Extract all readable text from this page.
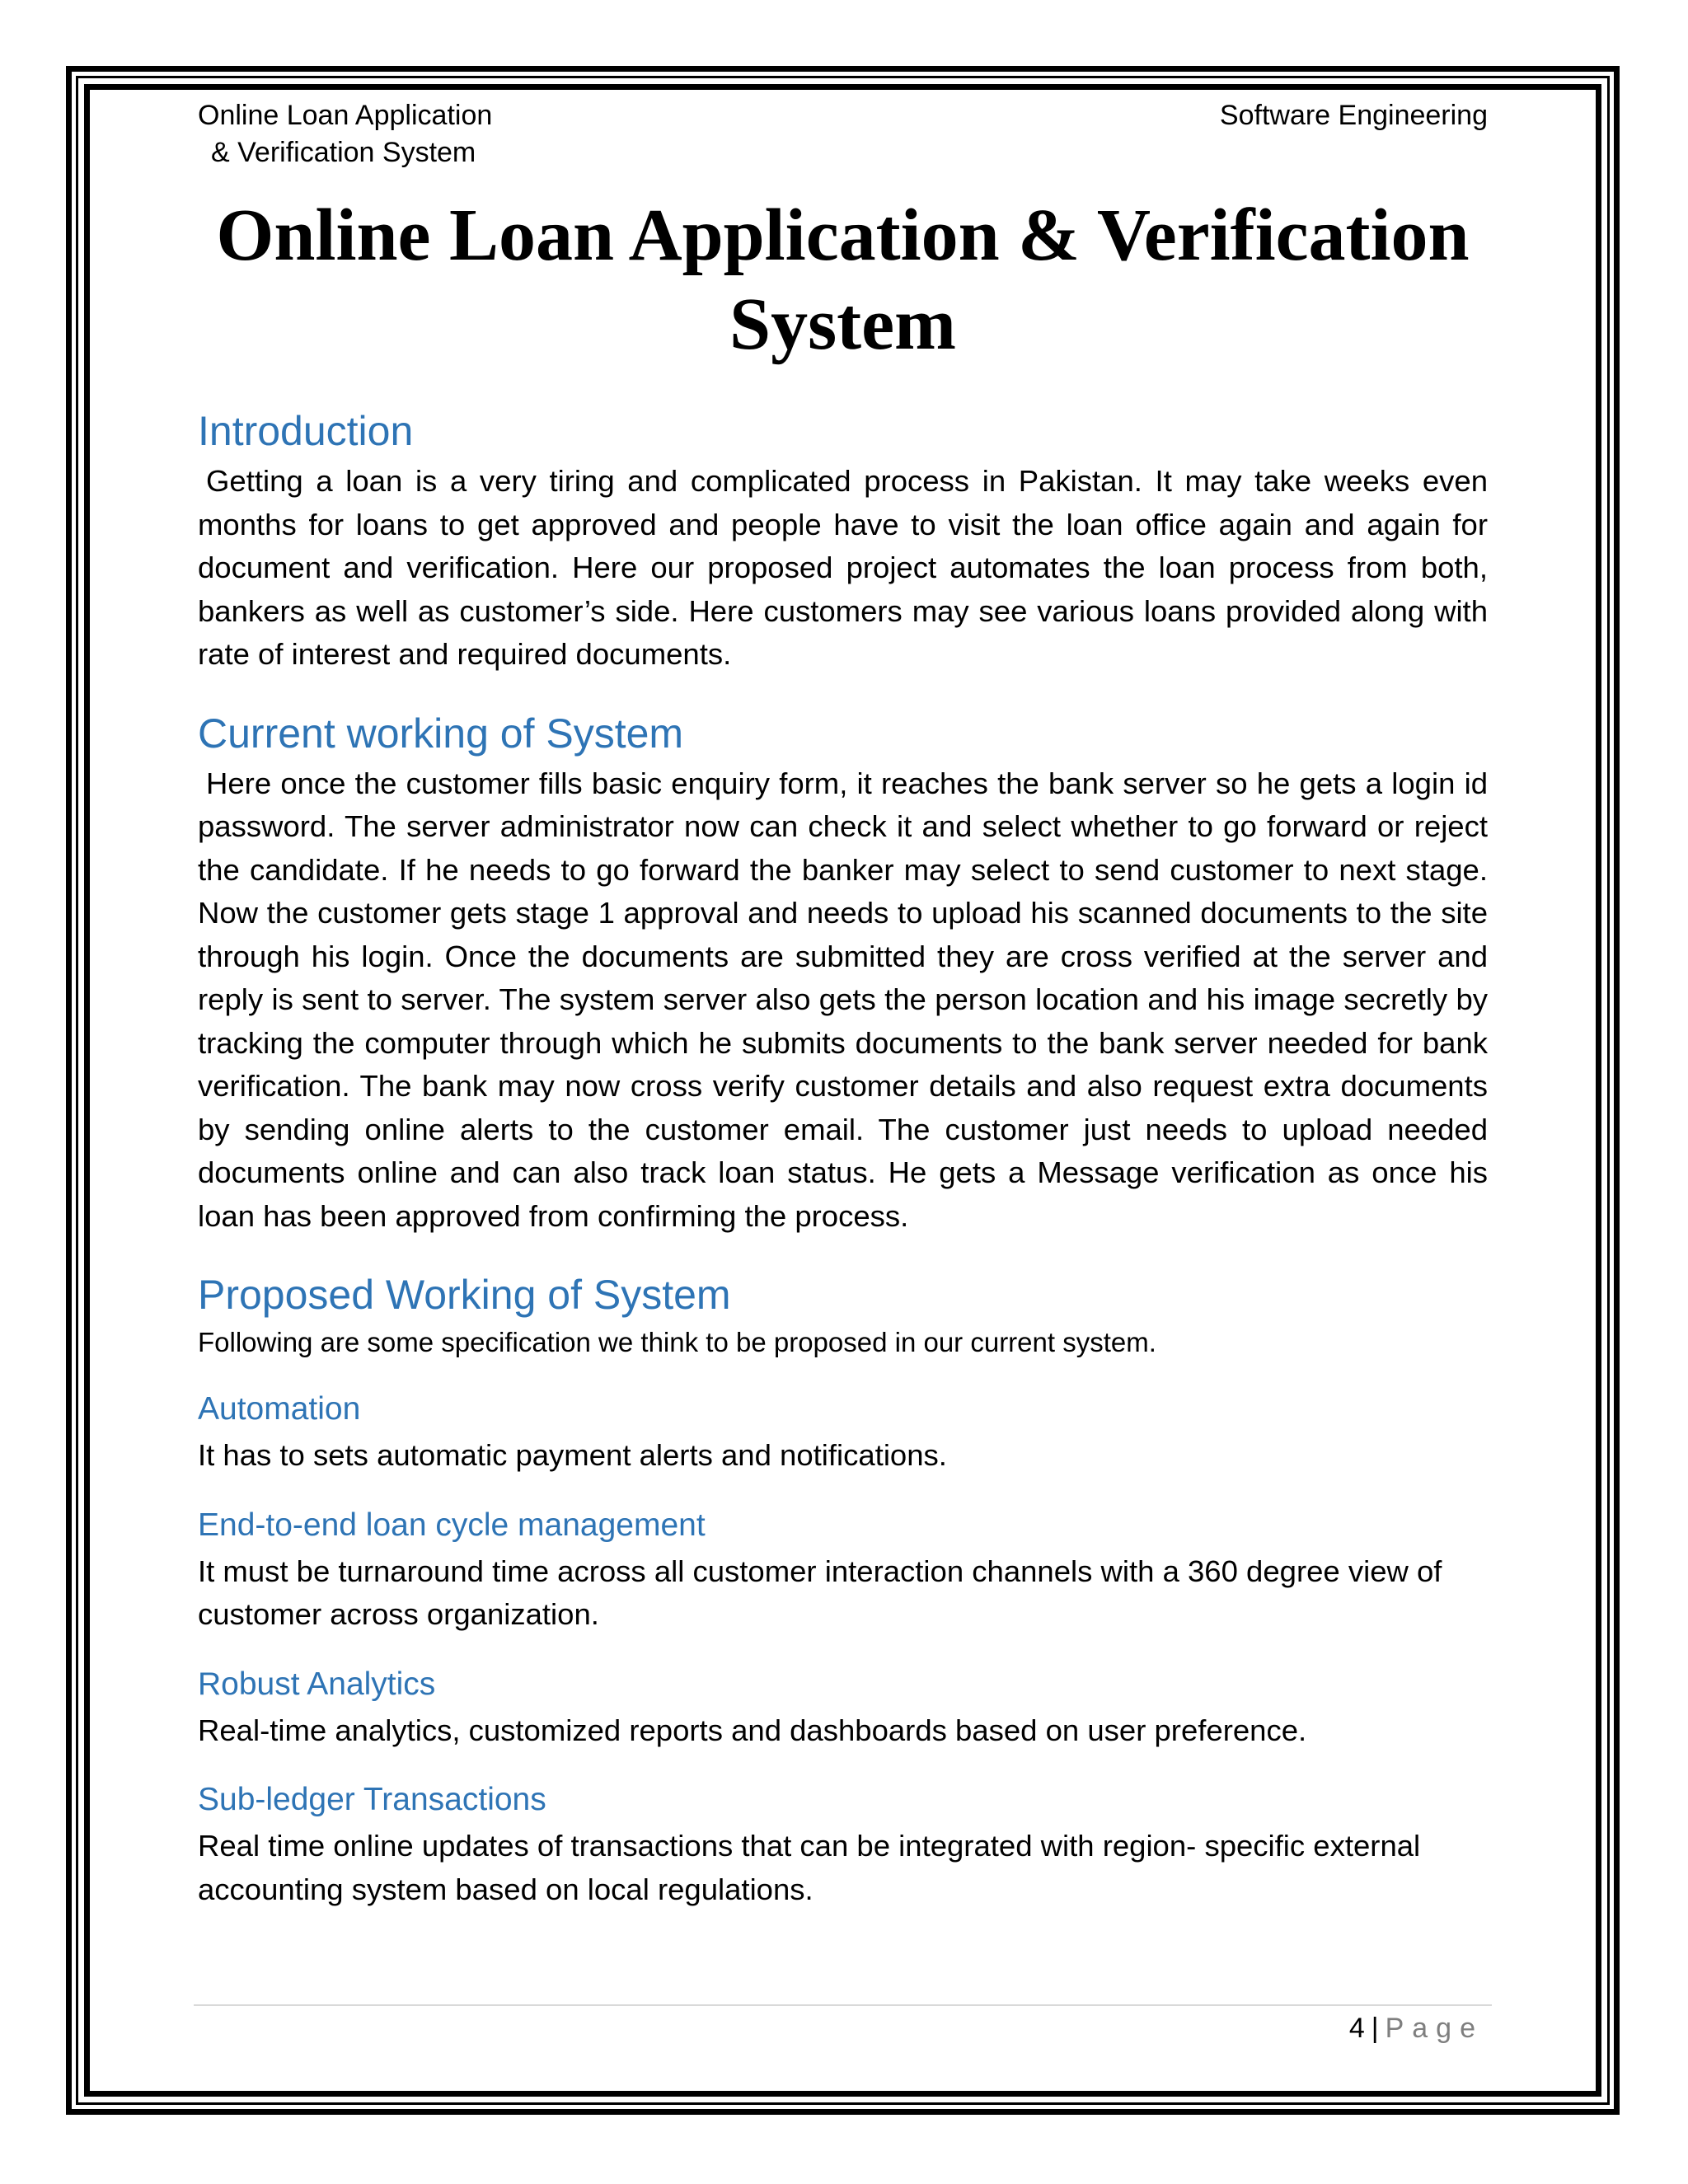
Online Loan Application
& Verification System
Software Engineering
Online Loan Application & Verification
System
Introduction

Getting a loan is a very tiring and complicated process in Pakistan. It may take weeks even months for loans to get approved and people have to visit the loan office again and again for document and verification. Here our proposed project automates the loan process from both, bankers as well as customer’s side. Here customers may see various loans provided along with rate of interest and required documents.

Current working of System

Here once the customer fills basic enquiry form, it reaches the bank server so he gets a login id password. The server administrator now can check it and select whether to go forward or reject the candidate. If he needs to go forward the banker may select to send customer to next stage. Now the customer gets stage 1 approval and needs to upload his scanned documents to the site through his login. Once the documents are submitted they are cross verified at the server and reply is sent to server. The system server also gets the person location and his image secretly by tracking the computer through which he submits documents to the bank server needed for bank verification. The bank may now cross verify customer details and also request extra documents by sending online alerts to the customer email. The customer just needs to upload needed documents online and can also track loan status. He gets a Message verification as once his loan has been approved from confirming the process.

Proposed Working of System

Following are some specification we think to be proposed in our current system.

Automation

It has to sets automatic payment alerts and notifications.

End-to-end loan cycle management

It must be turnaround time across all customer interaction channels with a 360 degree view of customer across organization.

Robust Analytics

Real-time analytics, customized reports and dashboards based on user preference.

Sub-ledger Transactions

Real time online updates of transactions that can be integrated with region- specific external accounting system based on local regulations.

4 | Page
